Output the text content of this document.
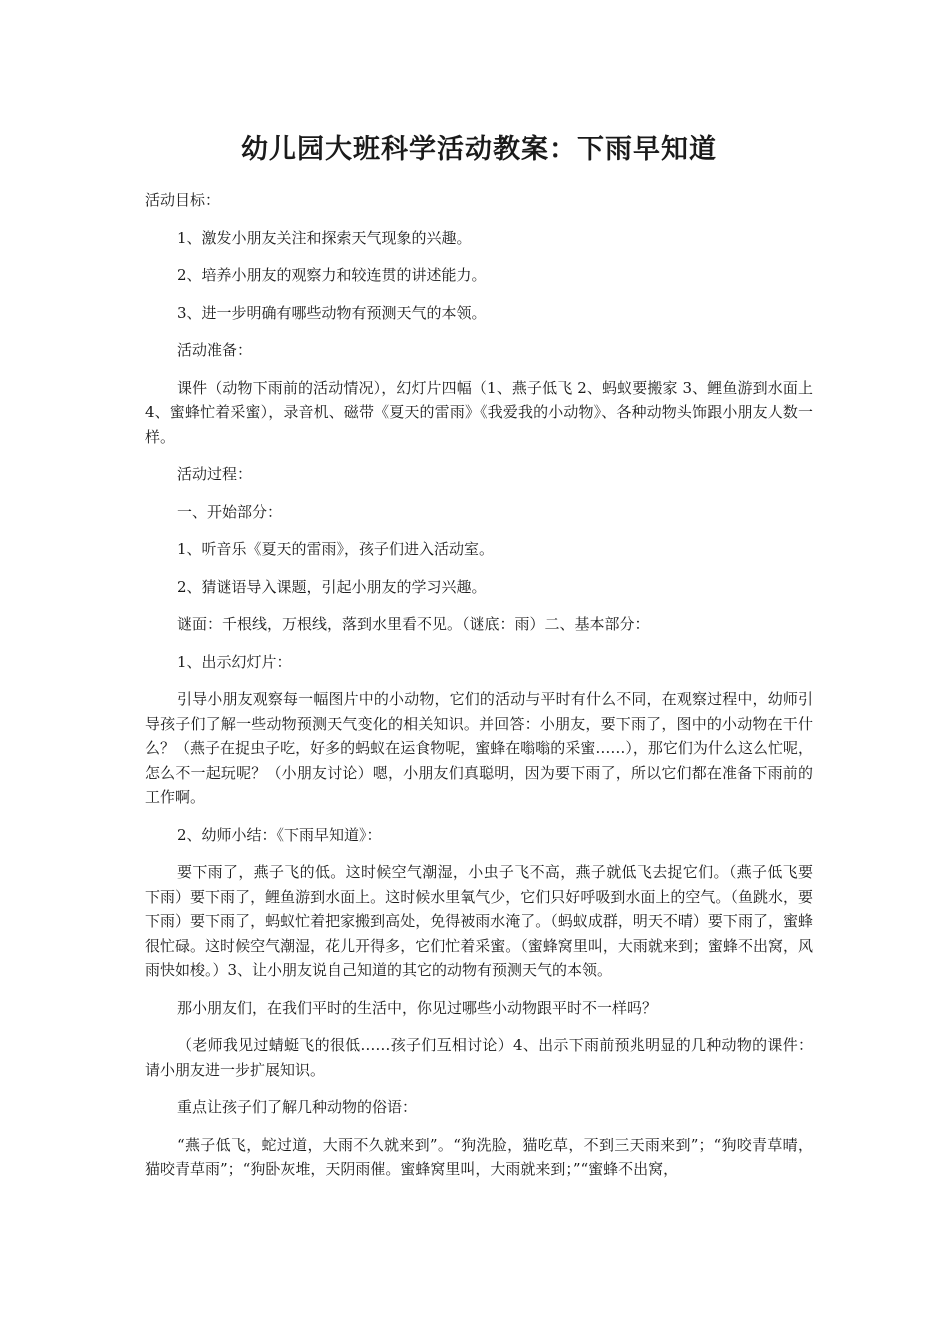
幼儿园大班科学活动教案：下雨早知道

活动目标：

1、激发小朋友关注和探索天气现象的兴趣。

2、培养小朋友的观察力和较连贯的讲述能力。

3、进一步明确有哪些动物有预测天气的本领。

活动准备：

课件（动物下雨前的活动情况），幻灯片四幅（1、燕子低飞 2、蚂蚁要搬家 3、鲤鱼游到水面上 4、蜜蜂忙着采蜜），录音机、磁带《夏天的雷雨》《我爱我的小动物》、各种动物头饰跟小朋友人数一样。

活动过程：

一、开始部分：

1、听音乐《夏天的雷雨》，孩子们进入活动室。

2、猜谜语导入课题，引起小朋友的学习兴趣。

谜面：千根线，万根线，落到水里看不见。（谜底：雨）二、基本部分：

1、出示幻灯片：

引导小朋友观察每一幅图片中的小动物，它们的活动与平时有什么不同，在观察过程中，幼师引导孩子们了解一些动物预测天气变化的相关知识。并回答：小朋友，要下雨了，图中的小动物在干什么？（燕子在捉虫子吃，好多的蚂蚁在运食物呢，蜜蜂在嗡嗡的采蜜……），那它们为什么这么忙呢，怎么不一起玩呢？（小朋友讨论）嗯，小朋友们真聪明，因为要下雨了，所以它们都在准备下雨前的工作啊。

2、幼师小结：《下雨早知道》：

要下雨了，燕子飞的低。这时候空气潮湿，小虫子飞不高，燕子就低飞去捉它们。（燕子低飞要下雨）要下雨了，鲤鱼游到水面上。这时候水里氧气少，它们只好呼吸到水面上的空气。（鱼跳水，要下雨）要下雨了，蚂蚁忙着把家搬到高处，免得被雨水淹了。（蚂蚁成群，明天不晴）要下雨了，蜜蜂很忙碌。这时候空气潮湿，花儿开得多，它们忙着采蜜。（蜜蜂窝里叫，大雨就来到；蜜蜂不出窝，风雨快如梭。）3、让小朋友说自己知道的其它的动物有预测天气的本领。

那小朋友们，在我们平时的生活中，你见过哪些小动物跟平时不一样吗？

（老师我见过蜻蜓飞的很低……孩子们互相讨论）4、出示下雨前预兆明显的几种动物的课件：请小朋友进一步扩展知识。

重点让孩子们了解几种动物的俗语：

“燕子低飞，蛇过道，大雨不久就来到”。“狗洗脸，猫吃草，不到三天雨来到”；“狗咬青草晴，猫咬青草雨”；“狗卧灰堆，天阴雨催。蜜蜂窝里叫，大雨就来到；”“蜜蜂不出窝，
